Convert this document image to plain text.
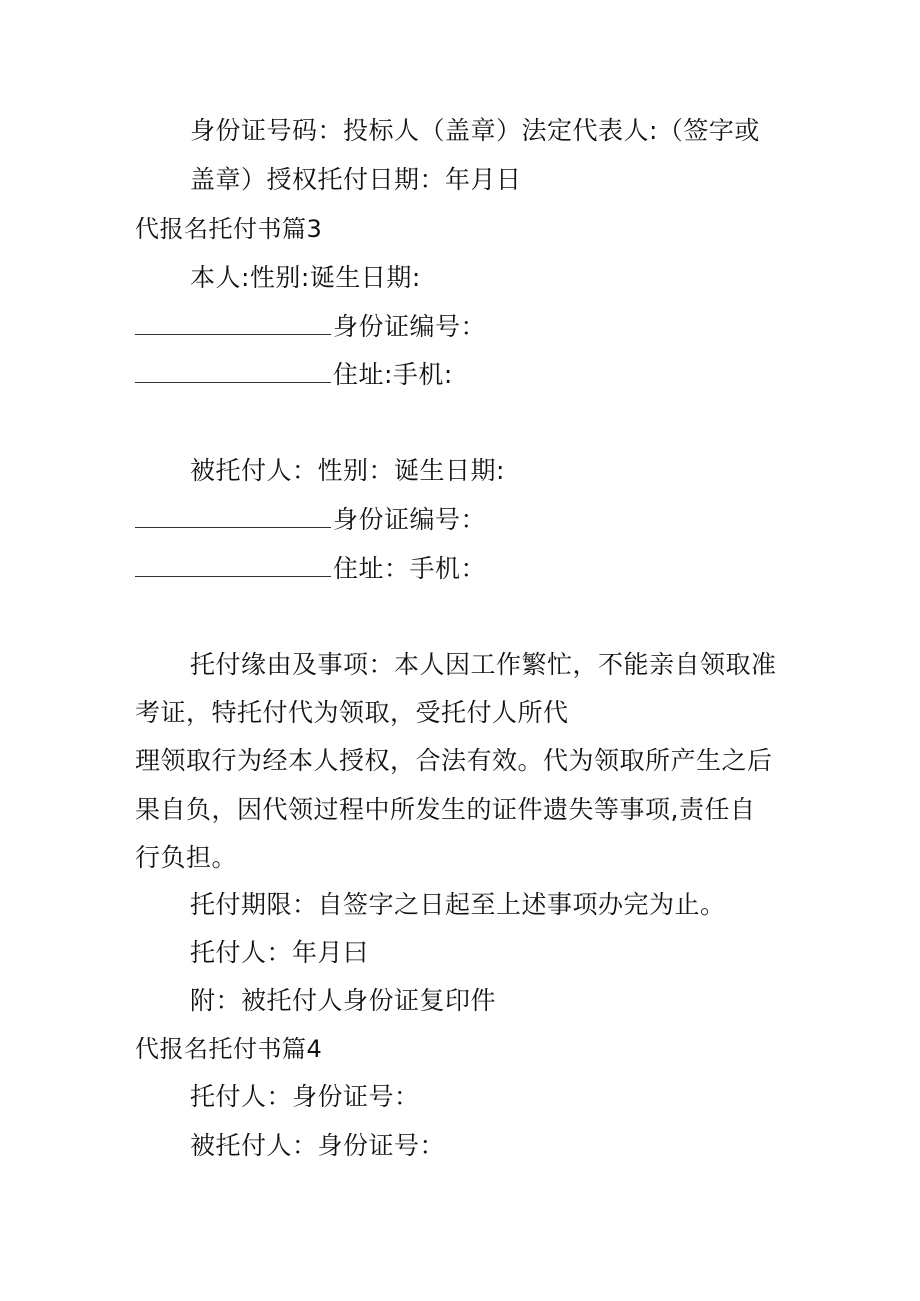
身份证号码：投标人（盖章）法定代表人:（签字或
盖章）授权托付日期：年月日
代报名托付书篇3
本人:性别:诞生日期:
身份证编号：
住址:手机:
被托付人：性别：诞生日期:
身份证编号：
住址：手机：
托付缘由及事项：本人因工作繁忙，不能亲自领取准
考证，特托付代为领取，受托付人所代
理领取行为经本人授权，合法有效。代为领取所产生之后
果自负，因代领过程中所发生的证件遗失等事项,责任自
行负担。
托付期限：自签字之日起至上述事项办完为止。
托付人：年月曰
附：被托付人身份证复印件
代报名托付书篇4
托付人：身份证号：
被托付人：身份证号：
